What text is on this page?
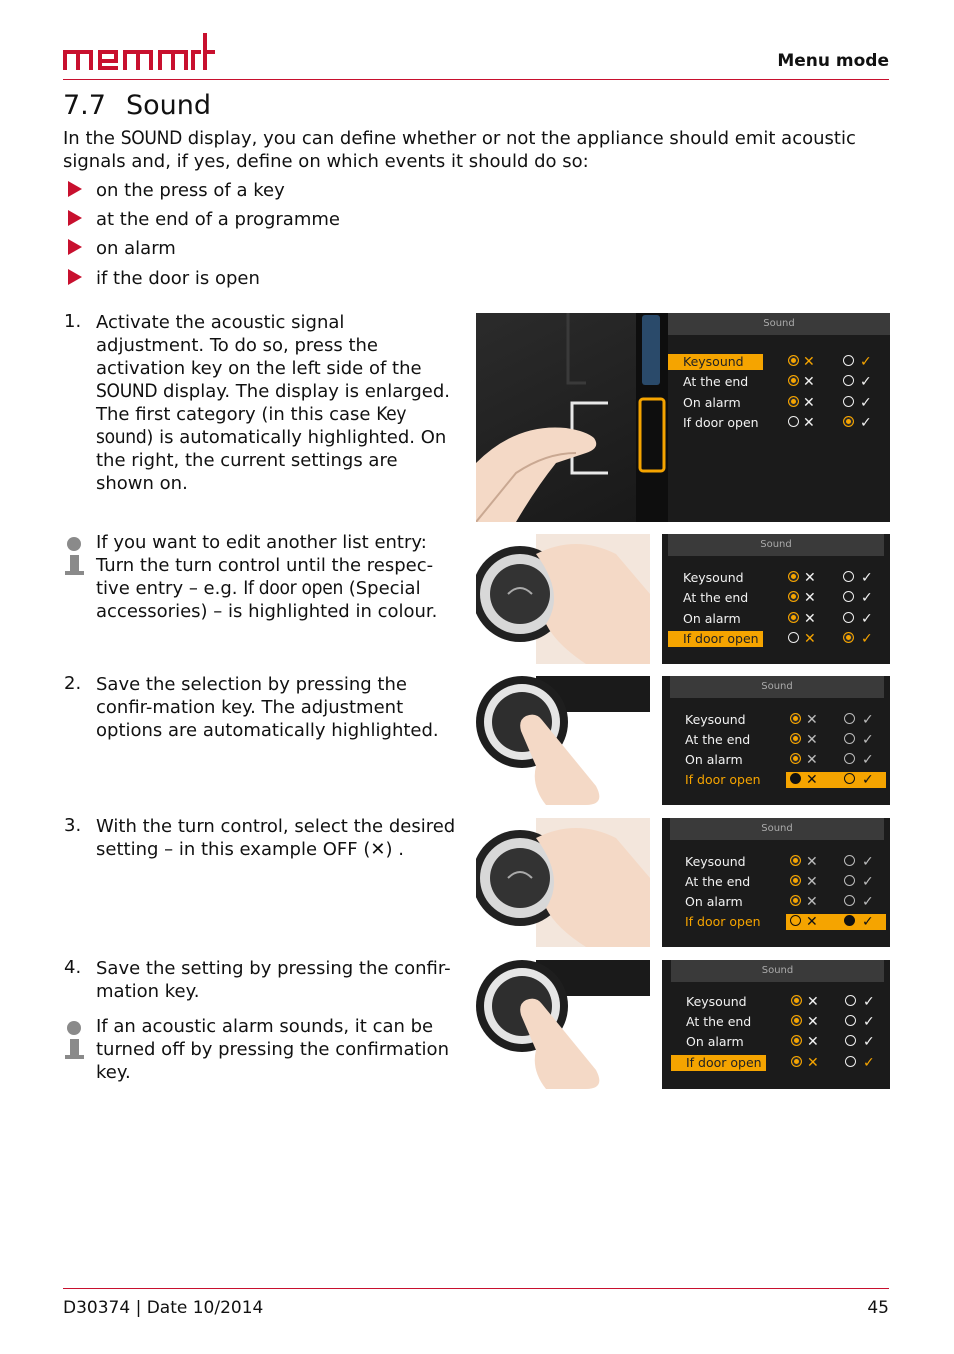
Menu mode
7.7 Sound
In the SOUND display, you can define whether or not the appliance should emit acoustic signals and, if yes, define on which events it should do so:
on the press of a key
at the end of a programme
on alarm
if the door is open
1. Activate the acoustic signal adjustment. To do so, press the activation key on the left side of the SOUND display. The display is enlarged. The first category (in this case Key sound) is automatically highlighted. On the right, the current settings are shown on.
If you want to edit another list entry: Turn the turn control until the respec-tive entry – e.g. If door open (Special accessories) – is highlighted in colour.
2. Save the selection by pressing the confir-mation key. The adjustment options are automatically highlighted.
3. With the turn control, select the desired setting – in this example OFF (✕) .
4. Save the setting by pressing the confir-mation key.
If an acoustic alarm sounds, it can be turned off by pressing the confirmation key.
Sound
Keysound	✕	✓
At the end	✕	✓
On alarm	✕	✓
If door open	✕	✓
Sound
Keysound	✕	✓
At the end	✕	✓
On alarm	✕	✓
If door open	✕	✓
Sound
Keysound	✕	✓
At the end	✕	✓
On alarm	✕	✓
If door open	✕	✓
Sound
Keysound	✕	✓
At the end	✕	✓
On alarm	✕	✓
If door open	✕	✓
Sound
Keysound	✕	✓
At the end	✕	✓
On alarm	✕	✓
If door open	✕	✓
D30374 | Date 10/2014	45
